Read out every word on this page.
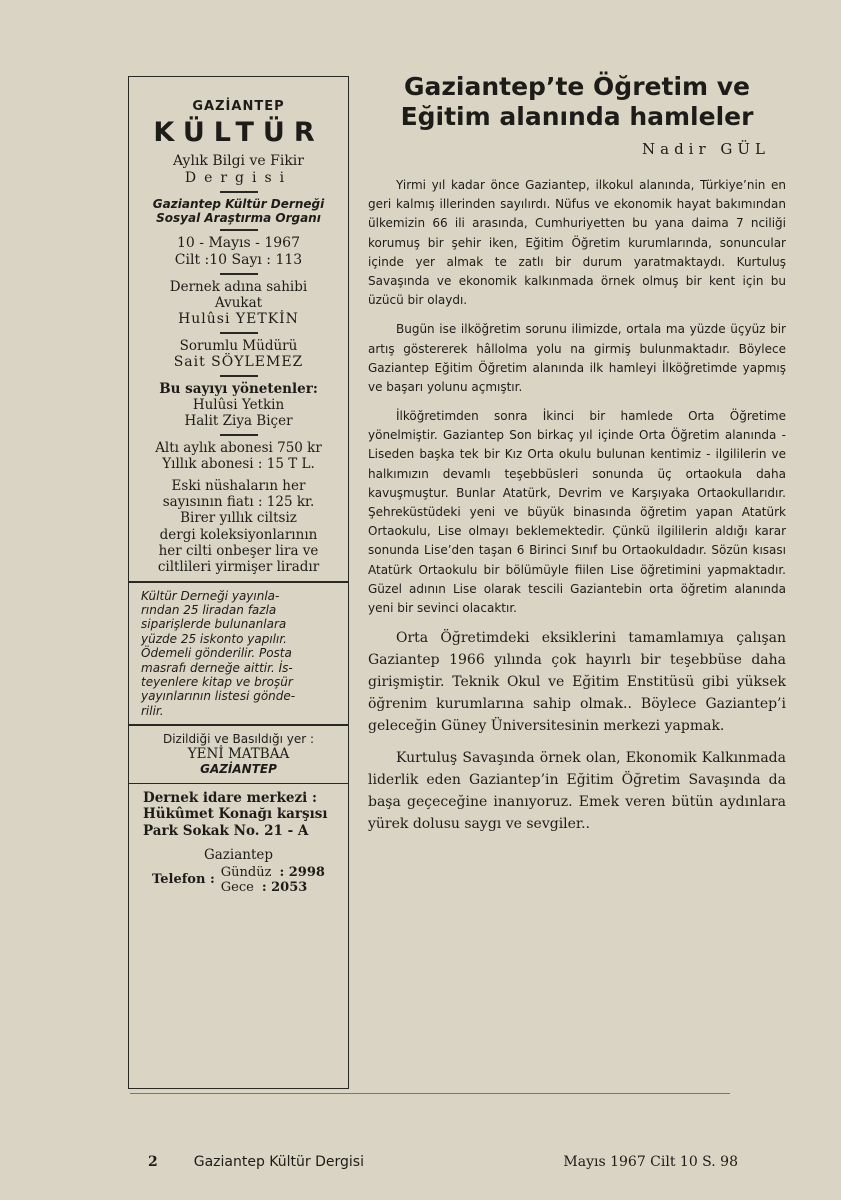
GAZİANTEP
KÜLTÜR
Aylık Bilgi ve Fikir
Dergisi
Gaziantep Kültür Derneği
Sosyal Araştırma Organı
10 - Mayıs - 1967
Cilt :10 Sayı : 113
Dernek adına sahibi
Avukat
Hulûsi YETKİN
Sorumlu Müdürü
Sait SÖYLEMEZ
Bu sayıyı yönetenler:
Hulûsi Yetkin
Halit Ziya Biçer
Altı aylık abonesi 750 kr
Yıllık abonesi : 15 T L.
Eski nüshaların her
sayısının fiatı : 125 kr.
Birer yıllık ciltsiz
dergi koleksiyonlarının
her cilti onbeşer lira ve
ciltlileri yirmişer liradır
Kültür Derneği yayınla-
rından 25 liradan fazla
siparişlerde bulunanlara
yüzde 25 iskonto yapılır.
Ödemeli gönderilir. Posta
masrafı derneğe aittir. İs-
teyenlere kitap ve broşür
yayınlarının listesi gönde-
rilir.
Dizildiği ve Basıldığı yer :
YENİ MATBAA
GAZİANTEP
Dernek idare merkezi :
Hükûmet Konağı karşısı
Park Sokak No. 21 - A
Gaziantep
Telefon : Gündüz : 2998
Gece : 2053
Gaziantep’te Öğretim ve
Eğitim alanında hamleler
Nadir GÜL

Yirmi yıl kadar önce Gaziantep, ilkokul alanında, Türkiye’nin en geri kalmış illerinden sayılırdı. Nüfus ve ekonomik hayat bakımından ülkemizin 66 ili arasında, Cumhuriyetten bu yana daima 7 nciliği korumuş bir şehir iken, Eğitim Öğretim kurumlarında, sonuncular içinde yer almak te zatlı bir durum yaratmaktaydı. Kurtuluş Savaşında ve ekonomik kalkınmada örnek olmuş bir kent için bu üzücü bir olaydı.

Bugün ise ilköğretim sorunu ilimizde, ortala ma yüzde üçyüz bir artış göstererek hâllolma yolu na girmiş bulunmaktadır. Böylece Gaziantep Eğitim Öğretim alanında ilk hamleyi İlköğretimde yapmış ve başarı yolunu açmıştır.

İlköğretimden sonra İkinci bir hamlede Orta Öğretime yönelmiştir. Gaziantep Son birkaç yıl içinde Orta Öğretim alanında - Liseden başka tek bir Kız Orta okulu bulunan kentimiz - ilgililerin ve halkımızın devamlı teşebbüsleri sonunda üç ortaokula daha kavuşmuştur. Bunlar Atatürk, Devrim ve Karşıyaka Ortaokullarıdır. Şehreküstüdeki yeni ve büyük binasında öğretim yapan Atatürk Ortaokulu, Lise olmayı beklemektedir. Çünkü ilgililerin aldığı karar sonunda Lise’den taşan 6 Birinci Sınıf bu Ortaokuldadır. Sözün kısası Atatürk Ortaokulu bir bölümüyle fiilen Lise öğretimini yapmaktadır. Güzel adının Lise olarak tescili Gaziantebin orta öğretim alanında yeni bir sevinci olacaktır.

Orta Öğretimdeki eksiklerini tamamlamıya çalışan Gaziantep 1966 yılında çok hayırlı bir teşebbüse daha girişmiştir. Teknik Okul ve Eğitim Enstitüsü gibi yüksek öğrenim kurumlarına sahip olmak.. Böylece Gaziantep’i geleceğin Güney Üniversitesinin merkezi yapmak.

Kurtuluş Savaşında örnek olan, Ekonomik Kalkınmada liderlik eden Gaziantep’in Eğitim Öğretim Savaşında da başa geçeceğine inanıyoruz. Emek veren bütün aydınlara yürek dolusu saygı ve sevgiler..

2	Gaziantep Kültür Dergisi	Mayıs 1967 Cilt 10 S. 98
